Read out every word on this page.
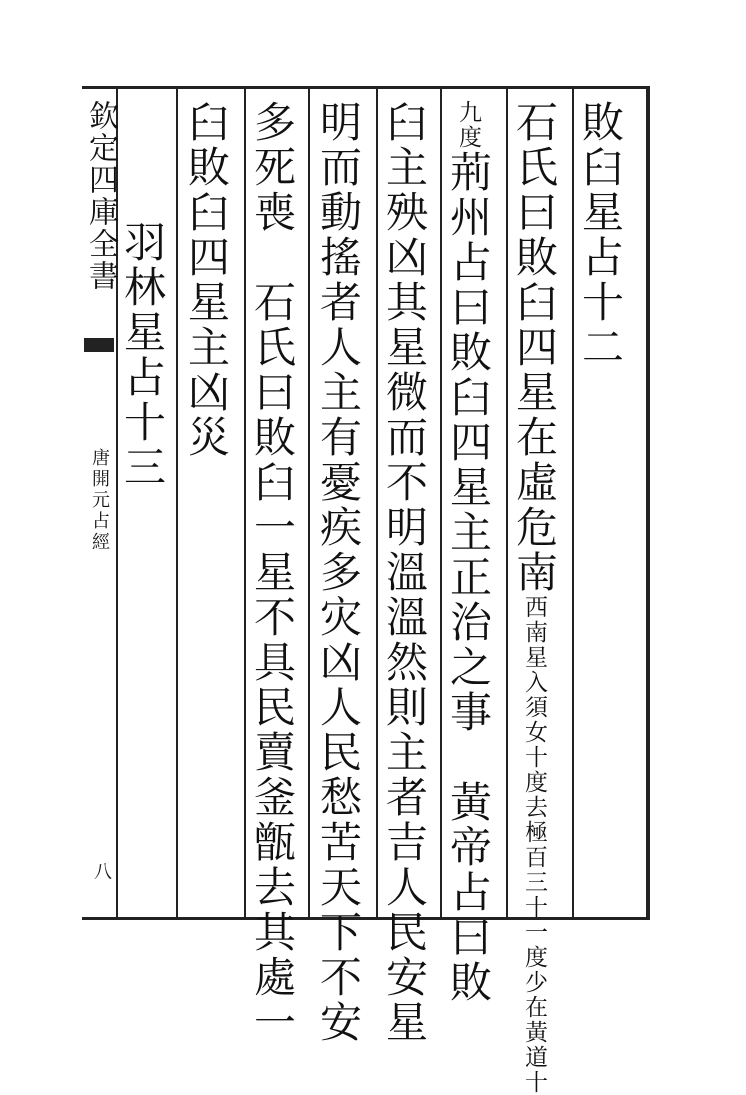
欽定四庫全書
唐開元占經
八
敗臼星占十二
石氏曰敗臼四星在虛危南西南星入須女十度去極百三十一度少在黃道十
九度荊州占曰敗臼四星主正治之事　黃帝占曰敗
臼主殃凶其星微而不明溫溫然則主者吉人民安星
明而動搖者人主有憂疾多灾凶人民愁苦天下不安
多死喪　石氏曰敗臼一星不具民賣釜甑去其處一
臼敗臼四星主凶災
羽林星占十三
